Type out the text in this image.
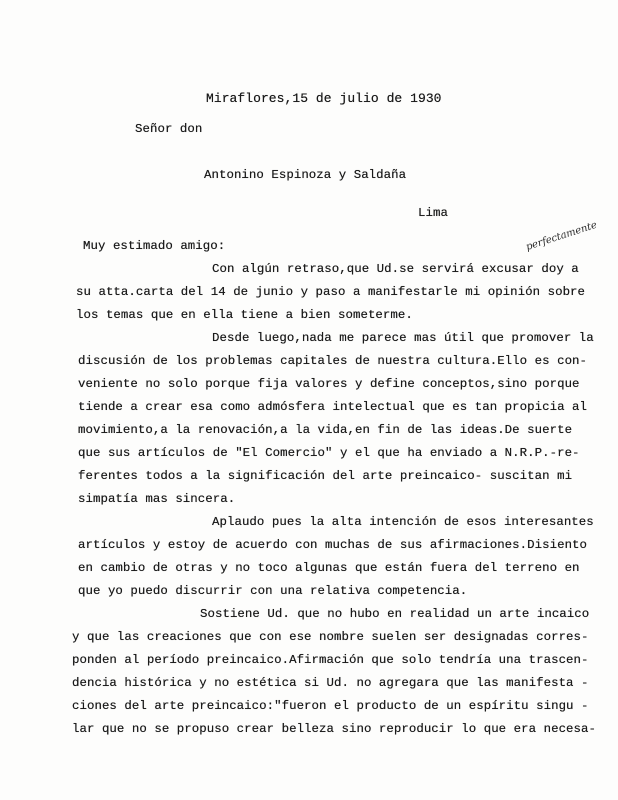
Miraflores,15 de julio de 1930
Señor don
Antonino Espinoza y Saldaña
Lima
Muy estimado amigo:	perfectamente
Con algún retraso,que Ud.se servirá excusar doy a
su atta.carta del 14 de junio y paso a manifestarle mi opinión sobre
los temas que en ella tiene a bien someterme.
Desde luego,nada me parece mas útil que promover la
discusión de los problemas capitales de nuestra cultura.Ello es con-
veniente no solo porque fija valores y define conceptos,sino porque
tiende a crear esa como admósfera intelectual que es tan propicia al
movimiento,a la renovación,a la vida,en fin de las ideas.De suerte
que sus artículos de "El Comercio" y el que ha enviado a N.R.P.-re-
ferentes todos a la significación del arte preincaico- suscitan mi
simpatía mas sincera.
Aplaudo pues la alta intención de esos interesantes
artículos y estoy de acuerdo con muchas de sus afirmaciones.Disiento
en cambio de otras y no toco algunas que están fuera del terreno en
que yo puedo discurrir con una relativa competencia.
Sostiene Ud. que no hubo en realidad un arte incaico
y que las creaciones que con ese nombre suelen ser designadas corres-
ponden al período preincaico.Afirmación que solo tendría una trascen-
dencia histórica y no estética si Ud. no agregara que las manifesta -
ciones del arte preincaico:"fueron el producto de un espíritu singu -
lar que no se propuso crear belleza sino reproducir lo que era necesa-
